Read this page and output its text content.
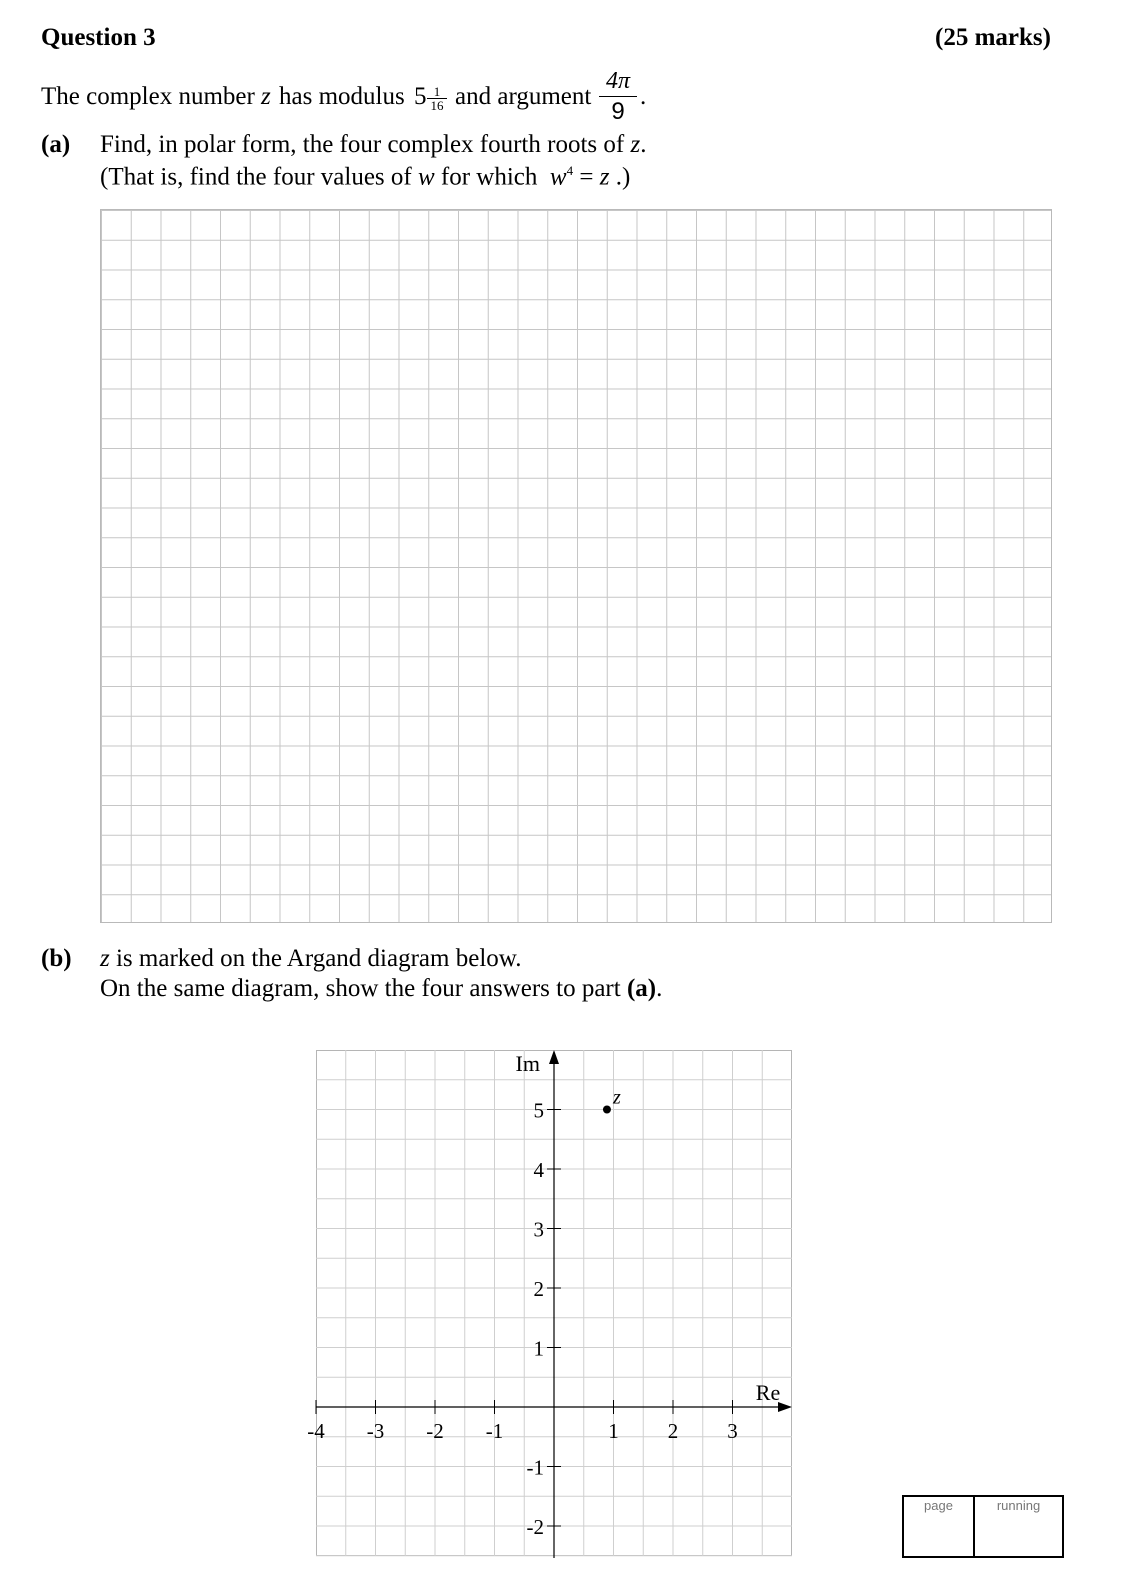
Question 3	(25 marks)
The complex number z has modulus $5 \frac{1}{16}$ and argument $\frac{4\pi}{9}$ .
(a) Find, in polar form, the four complex fourth roots of z.
(That is, find the four values of w for which $w^4 = z$ .)
(b) z is marked on the Argand diagram below.
On the same diagram, show the four answers to part (a).
-4 -3 -2 -1	1 2 3
5
4
3
2
1
-1
-2
Im
Re
z
page	running
